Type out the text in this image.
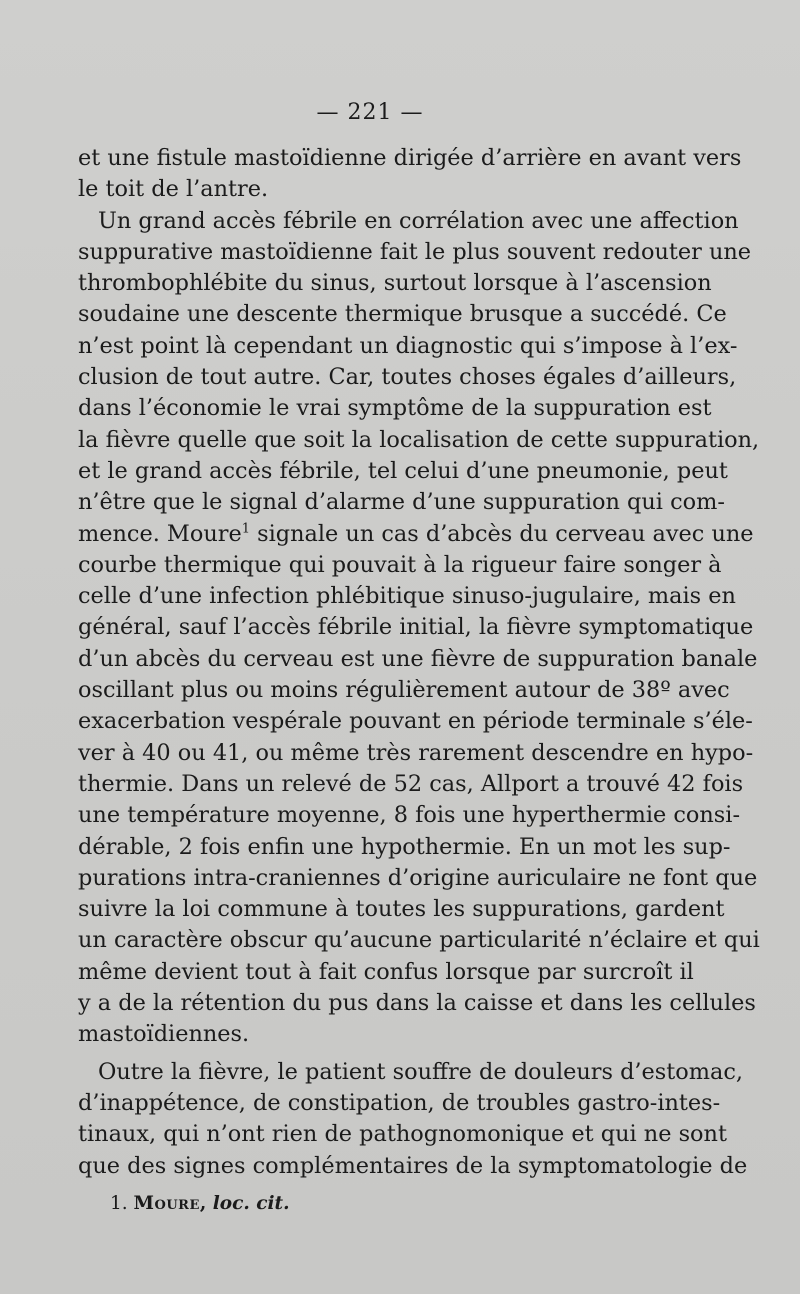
— 221 —

et une fistule mastoïdienne dirigée d’arrière en avant vers
le toit de l’antre.

Un grand accès fébrile en corrélation avec une affection
suppurative mastoïdienne fait le plus souvent redouter une
thrombophlébite du sinus, surtout lorsque à l’ascension
soudaine une descente thermique brusque a succédé. Ce
n’est point là cependant un diagnostic qui s’impose à l’ex-
clusion de tout autre. Car, toutes choses égales d’ailleurs,
dans l’économie le vrai symptôme de la suppuration est
la fièvre quelle que soit la localisation de cette suppuration,
et le grand accès fébrile, tel celui d’une pneumonie, peut
n’être que le signal d’alarme d’une suppuration qui com-
mence. Moure$^1$ signale un cas d’abcès du cerveau avec une
courbe thermique qui pouvait à la rigueur faire songer à
celle d’une infection phlébitique sinuso-jugulaire, mais en
général, sauf l’accès fébrile initial, la fièvre symptomatique
d’un abcès du cerveau est une fièvre de suppuration banale
oscillant plus ou moins régulièrement autour de 38º avec
exacerbation vespérale pouvant en période terminale s’éle-
ver à 40 ou 41, ou même très rarement descendre en hypo-
thermie. Dans un relevé de 52 cas, Allport a trouvé 42 fois
une température moyenne, 8 fois une hyperthermie consi-
dérable, 2 fois enfin une hypothermie. En un mot les sup-
purations intra-craniennes d’origine auriculaire ne font que
suivre la loi commune à toutes les suppurations, gardent
un caractère obscur qu’aucune particularité n’éclaire et qui
même devient tout à fait confus lorsque par surcroît il
y a de la rétention du pus dans la caisse et dans les cellules
mastoïdiennes.

Outre la fièvre, le patient souffre de douleurs d’estomac,
d’inappétence, de constipation, de troubles gastro-intes-
tinaux, qui n’ont rien de pathognomonique et qui ne sont
que des signes complémentaires de la symptomatologie de

1. Moure, loc. cit.
